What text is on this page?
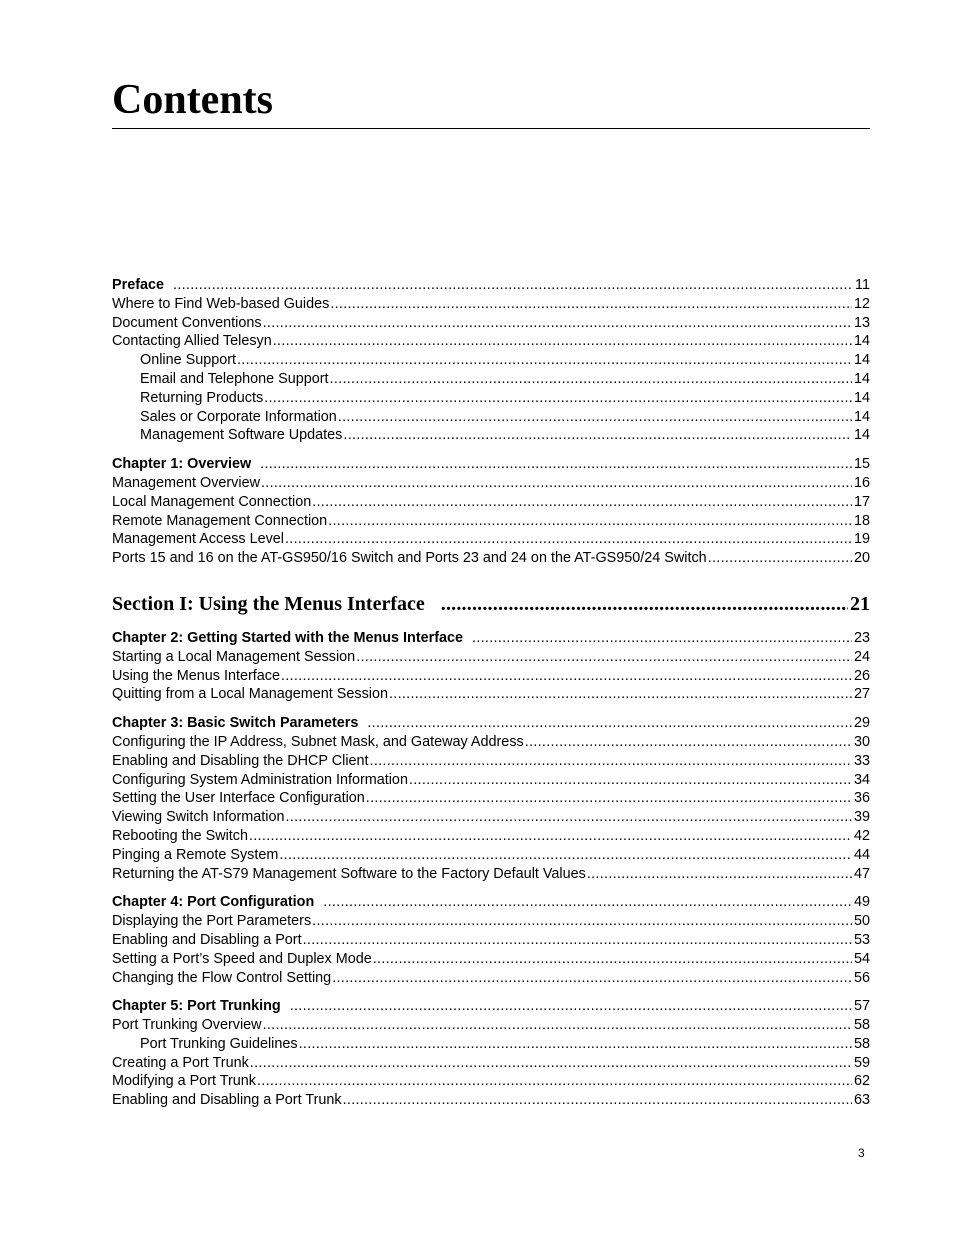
Contents
Preface .....	11
Where to Find Web-based Guides .....	12
Document Conventions .....	13
Contacting Allied Telesyn .....	14
Online Support .....	14
Email and Telephone Support .....	14
Returning Products .....	14
Sales or Corporate Information .....	14
Management Software Updates .....	14
Chapter 1: Overview .....	15
Management Overview .....	16
Local Management Connection .....	17
Remote Management Connection .....	18
Management Access Level .....	19
Ports 15 and 16 on the AT-GS950/16 Switch and Ports 23 and 24 on the AT-GS950/24 Switch .....	20
Section I: Using the Menus Interface .....	21
Chapter 2: Getting Started with the Menus Interface .....	23
Starting a Local Management Session .....	24
Using the Menus Interface .....	26
Quitting from a Local Management Session .....	27
Chapter 3: Basic Switch Parameters .....	29
Configuring the IP Address, Subnet Mask, and Gateway Address .....	30
Enabling and Disabling the DHCP Client .....	33
Configuring System Administration Information .....	34
Setting the User Interface Configuration .....	36
Viewing Switch Information .....	39
Rebooting the Switch .....	42
Pinging a Remote System .....	44
Returning the AT-S79 Management Software to the Factory Default Values .....	47
Chapter 4: Port Configuration .....	49
Displaying the Port Parameters .....	50
Enabling and Disabling a Port .....	53
Setting a Port’s Speed and Duplex Mode .....	54
Changing the Flow Control Setting .....	56
Chapter 5: Port Trunking .....	57
Port Trunking Overview .....	58
Port Trunking Guidelines .....	58
Creating a Port Trunk .....	59
Modifying a Port Trunk .....	62
Enabling and Disabling a Port Trunk .....	63
3
